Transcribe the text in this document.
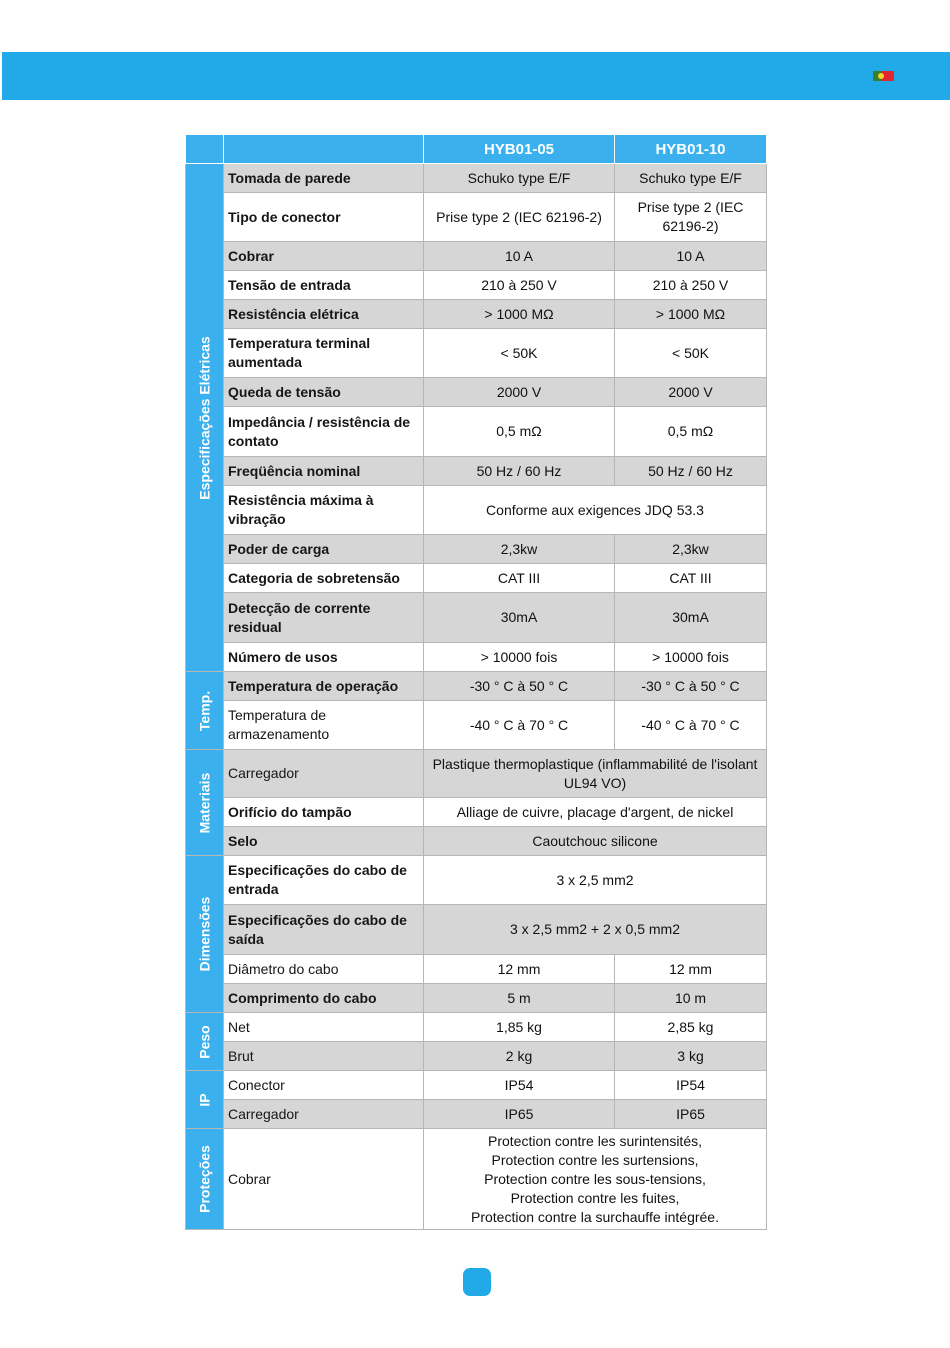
		HYB01-05	HYB01-10

Especificações Elétricas	Tomada de parede	Schuko type E/F	Schuko type E/F
	Tipo de conector	Prise type 2 (IEC 62196-2)	Prise type 2 (IEC 62196-2)
	Cobrar	10 A	10 A
	Tensão de entrada	210 à 250 V	210 à 250 V
	Resistência elétrica	> 1000 MΩ	> 1000 MΩ
	Temperatura terminal aumentada	< 50K	< 50K
	Queda de tensão	2000 V	2000 V
	Impedância / resistência de contato	0,5 mΩ	0,5 mΩ
	Freqüência nominal	50 Hz / 60 Hz	50 Hz / 60 Hz
	Resistência máxima à vibração	Conforme aux exigences JDQ 53.3	
	Poder de carga	2,3kw	2,3kw
	Categoria de sobretensão	CAT III	CAT III
	Detecção de corrente residual	30mA	30mA
	Número de usos	> 10000 fois	> 10000 fois

Temp.	Temperatura de operação	-30 ° C à 50 ° C	-30 ° C à 50 ° C
	Temperatura de armazenamento	-40 ° C à 70 ° C	-40 ° C à 70 ° C

Materiais	Carregador	Plastique thermoplastique (inflammabilité de l'isolant UL94 VO)	
	Orifício do tampão	Alliage de cuivre, placage d'argent, de nickel	
	Selo	Caoutchouc silicone	

Dimensões	Especificações do cabo de entrada	3 x 2,5 mm2	
	Especificações do cabo de saída	3 x 2,5 mm2 + 2 x 0,5 mm2	
	Diâmetro do cabo	12 mm	12 mm
	Comprimento do cabo	5 m	10 m

Peso	Net	1,85 kg	2,85 kg
	Brut	2 kg	3 kg

IP	Conector	IP54	IP54
	Carregador	IP65	IP65

Proteções	Cobrar	Protection contre les surintensités,
Protection contre les surtensions,
Protection contre les sous-tensions,
Protection contre les fuites,
Protection contre la surchauffe intégrée.	
